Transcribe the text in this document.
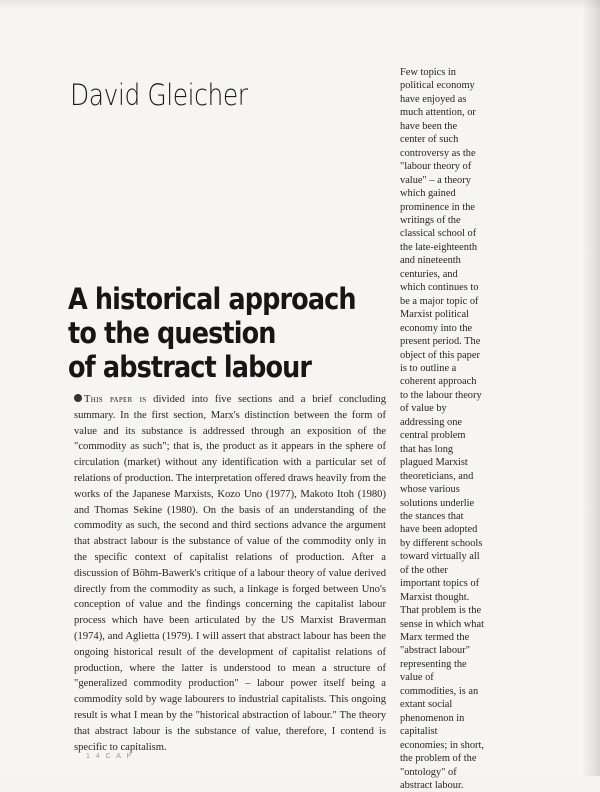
David Gleicher
A historical approach
to the question
of abstract labour

This paper is divided into five sections and a brief concluding summary. In the first section, Marx's distinction between the form of value and its substance is addressed through an exposition of the "commodity as such"; that is, the product as it appears in the sphere of circulation (market) without any identification with a particular set of relations of production. The interpretation offered draws heavily from the works of the Japanese Marxists, Kozo Uno (1977), Makoto Itoh (1980) and Thomas Sekine (1980). On the basis of an understanding of the commodity as such, the second and third sections advance the argument that abstract labour is the substance of value of the commodity only in the specific context of capitalist relations of production. After a discussion of Böhm-Bawerk's critique of a labour theory of value derived directly from the commodity as such, a linkage is forged between Uno's conception of value and the findings concerning the capitalist labour process which have been articulated by the US Marxist Braverman (1974), and Aglietta (1979). I will assert that abstract labour has been the ongoing historical result of the development of capitalist relations of production, where the latter is understood to mean a structure of "generalized commodity production" – labour power itself being a commodity sold by wage labourers to industrial capitalists. This ongoing result is what I mean by the "historical abstraction of labour." The theory that abstract labour is the substance of value, therefore, I contend is specific to capitalism.

Few topics in
political economy
have enjoyed as
much attention, or
have been the
center of such
controversy as the
"labour theory of
value" – a theory
which gained
prominence in the
writings of the
classical school of
the late-eighteenth
and nineteenth
centuries, and
which continues to
be a major topic of
Marxist political
economy into the
present period. The
object of this paper
is to outline a
coherent approach
to the labour theory
of value by
addressing one
central problem
that has long
plagued Marxist
theoreticians, and
whose various
solutions underlie
the stances that
have been adopted
by different schools
toward virtually all
of the other
important topics of
Marxist thought.
That problem is the
sense in which what
Marx termed the
"abstract labour"
representing the
value of
commodities, is an
extant social
phenomenon in
capitalist
economies; in short,
the problem of the
"ontology" of
abstract labour.
1 4 C A P
